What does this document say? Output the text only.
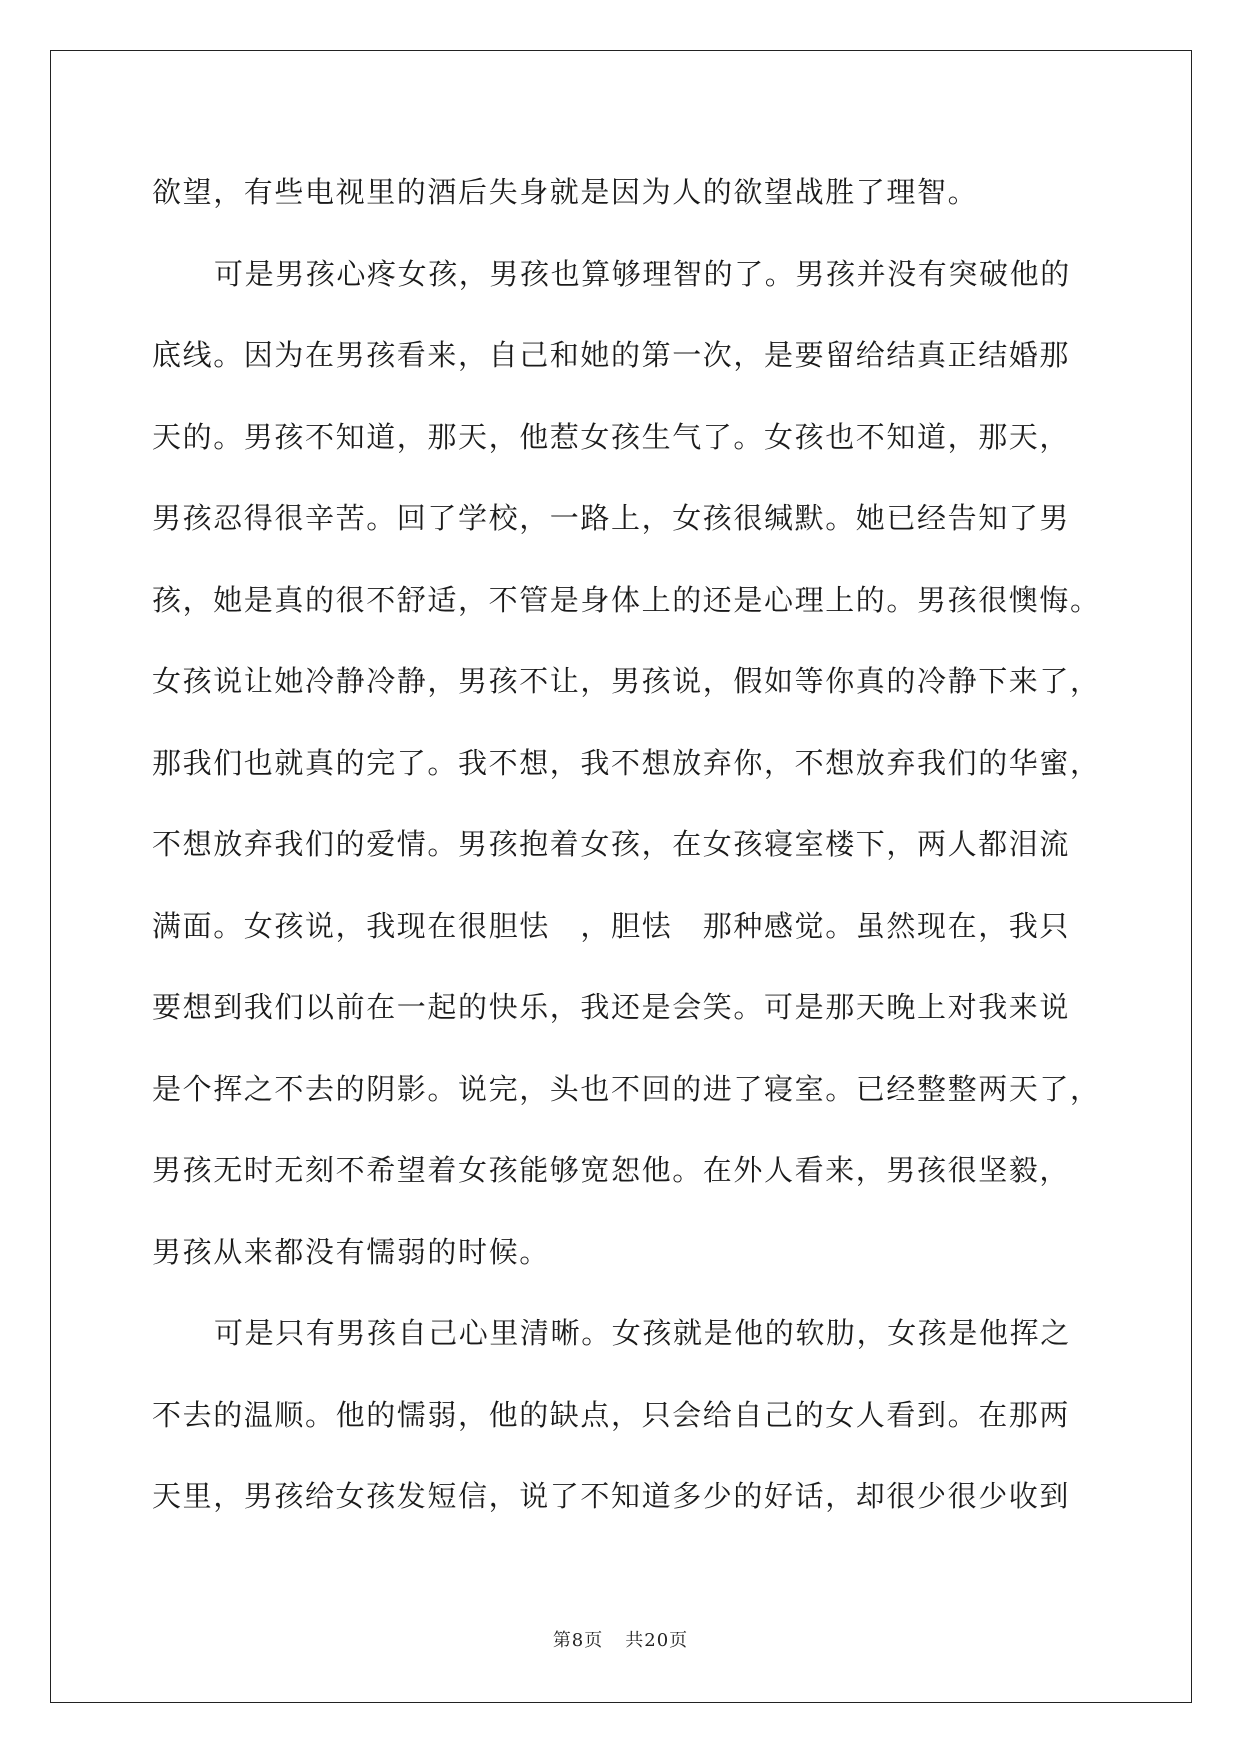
欲望，有些电视里的酒后失身就是因为人的欲望战胜了理智。
可是男孩心疼女孩，男孩也算够理智的了。男孩并没有突破他的
底线。因为在男孩看来，自己和她的第一次，是要留给结真正结婚那
天的。男孩不知道，那天，他惹女孩生气了。女孩也不知道，那天，
男孩忍得很辛苦。回了学校，一路上，女孩很缄默。她已经告知了男
孩，她是真的很不舒适，不管是身体上的还是心理上的。男孩很懊悔。
女孩说让她冷静冷静，男孩不让，男孩说，假如等你真的冷静下来了，
那我们也就真的完了。我不想，我不想放弃你，不想放弃我们的华蜜，
不想放弃我们的爱情。男孩抱着女孩，在女孩寝室楼下，两人都泪流
满面。女孩说，我现在很胆怯　，胆怯　那种感觉。虽然现在，我只
要想到我们以前在一起的快乐，我还是会笑。可是那天晚上对我来说
是个挥之不去的阴影。说完，头也不回的进了寝室。已经整整两天了，
男孩无时无刻不希望着女孩能够宽恕他。在外人看来，男孩很坚毅，
男孩从来都没有懦弱的时候。
可是只有男孩自己心里清晰。女孩就是他的软肋，女孩是他挥之
不去的温顺。他的懦弱，他的缺点，只会给自己的女人看到。在那两
天里，男孩给女孩发短信，说了不知道多少的好话，却很少很少收到
第8页 共20页
